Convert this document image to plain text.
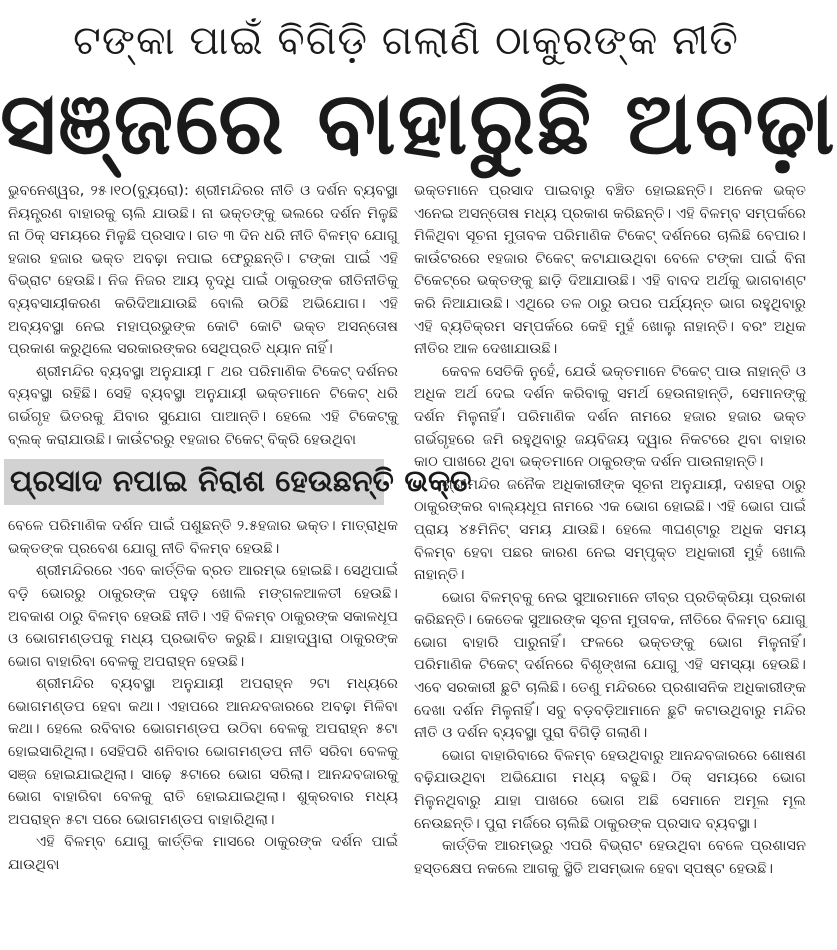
ଟଙ୍କା ପାଇଁ ବିଗିଡ଼ି ଗଲାଣି ଠାକୁରଙ୍କ ନୀତି
ସଞ୍ଜରେ ବାହାରୁଛି ଅବଢ଼ା

ଭୁବନେଶ୍ୱର, ୨୫।୧୦(ବ୍ୟୁରୋ): ଶ୍ରୀମନ୍ଦିରର ନୀତି ଓ ଦର୍ଶନ ବ୍ୟବସ୍ଥା ନିୟନ୍ତ୍ରଣ ବାହାରକୁ ଚାଲି ଯାଉଛି। ନା ଭକ୍ତଙ୍କୁ ଭଲରେ ଦର୍ଶନ ମିଳୁଛି ନା ଠିକ୍ ସମୟରେ ମିଳୁଛି ପ୍ରସାଦ। ଗତ ୩ ଦିନ ଧରି ନୀତି ବିଳମ୍ବ ଯୋଗୁ ହଜାର ହଜାର ଭକ୍ତ ଅବଢ଼ା ନପାଇ ଫେରୁଛନ୍ତି। ଟଙ୍କା ପାଇଁ ଏହି ବିଭ୍ରାଟ ହେଉଛି। ନିଜ ନିଜର ଆୟ ବୃଦ୍ଧି ପାଇଁ ଠାକୁରଙ୍କ ରୀତିନୀତିକୁ ବ୍ୟବସାୟୀକରଣ କରିଦିଆଯାଉଛି ବୋଲି ଉଠିଛି ଅଭିଯୋଗ। ଏହି ଅବ୍ୟବସ୍ଥା ନେଇ ମହାପ୍ରଭୁଙ୍କ କୋଟି କୋଟି ଭକ୍ତ ଅସନ୍ତୋଷ ପ୍ରକାଶ କରୁଥିଲେ ସରକାରଙ୍କର ସେଥିପ୍ରତି ଧ୍ୟାନ ନାହିଁ।

ଶ୍ରୀମନ୍ଦିର ବ୍ୟବସ୍ଥା ଅନୁଯାୟୀ ୮ ଥର ପରିମାଣିକ ଟିକେଟ୍ ଦର୍ଶନର ବ୍ୟବସ୍ଥା ରହିଛି। ସେହି ବ୍ୟବସ୍ଥା ଅନୁଯାୟୀ ଭକ୍ତମାନେ ଟିକେଟ୍ ଧରି ଗର୍ଭଗୃହ ଭିତରକୁ ଯିବାର ସୁଯୋଗ ପାଆନ୍ତି। ହେଲେ ଏହି ଟିକେଟ୍‌କୁ ବ୍ଲକ୍ କରାଯାଉଛି। କାଉଁଟରରୁ ୧ହଜାର ଟିକେଟ୍ ବିକ୍ରି ହେଉଥିବା

ପ୍ରସାଦ ନପାଇ ନିରାଶ ହେଉଛନ୍ତି ଭକ୍ତ

ବେଳେ ପରିମାଣିକ ଦର୍ଶନ ପାଇଁ ପଶୁଛନ୍ତି ୨.୫ହଜାର ଭକ୍ତ। ମାତ୍ରାଧିକ ଭକ୍ତଙ୍କ ପ୍ରବେଶ ଯୋଗୁ ନୀତି ବିଳମ୍ବ ହେଉଛି।

ଶ୍ରୀମନ୍ଦିରରେ ଏବେ କାର୍ତ୍ତିକ ବ୍ରତ ଆରମ୍ଭ ହୋଇଛି। ସେଥିପାଇଁ ବଡ଼ି ଭୋରରୁ ଠାକୁରଙ୍କ ପହୁଡ଼ ଖୋଲି ମଙ୍ଗଳଆଳତୀ ହେଉଛି। ଅବକାଶ ଠାରୁ ବିଳମ୍ବ ହେଉଛି ନୀତି। ଏହି ବିଳମ୍ବ ଠାକୁରଙ୍କ ସକାଳଧୂପ ଓ ଭୋଗମଣ୍ଡପକୁ ମଧ୍ୟ ପ୍ରଭାବିତ କରୁଛି। ଯାହାଦ୍ୱାରା ଠାକୁରଙ୍କ ଭୋଗ ବାହାରିବା ବେଳକୁ ଅପରାହ୍ନ ହେଉଛି।

ଶ୍ରୀମନ୍ଦିର ବ୍ୟବସ୍ଥା ଅନୁଯାୟୀ ଅପରାହ୍ନ ୨ଟା ମଧ୍ୟରେ ଭୋଗମଣ୍ଡପ ହେବା କଥା। ଏହାପରେ ଆନନ୍ଦବଜାରରେ ଅବଢ଼ା ମିଳିବା କଥା। ହେଲେ ରବିବାର ଭୋଗମଣ୍ଡପ ଉଠିବା ବେଳକୁ ଅପରାହ୍ନ ୫ଟା ହୋଇସାରିଥିଲା। ସେହିପରି ଶନିବାର ଭୋଗମଣ୍ଡପ ନୀତି ସରିବା ବେଳକୁ ସଞ୍ଜ ହୋଇଯାଇଥିଲା। ସାଢ଼େ ୫ଟାରେ ଭୋଗ ସରିଲା। ଆନନ୍ଦବଜାରକୁ ଭୋଗ ବାହାରିବା ବେଳକୁ ରାତି ହୋଇଯାଇଥିଲା। ଶୁକ୍ରବାର ମଧ୍ୟ ଅପରାହ୍ନ ୫ଟା ପରେ ଭୋଗମଣ୍ଡପ ବାହାରିଥିଲା।

ଏହି ବିଳମ୍ବ ଯୋଗୁ କାର୍ତ୍ତିକ ମାସରେ ଠାକୁରଙ୍କ ଦର୍ଶନ ପାଇଁ ଯାଉଥିବା

ଭକ୍ତମାନେ ପ୍ରସାଦ ପାଇବାରୁ ବଞ୍ଚିତ ହୋଇଛନ୍ତି। ଅନେକ ଭକ୍ତ ଏନେଇ ଅସନ୍ତୋଷ ମଧ୍ୟ ପ୍ରକାଶ କରିଛନ୍ତି। ଏହି ବିଳମ୍ବ ସମ୍ପର୍କରେ ମିଳିଥିବା ସୂଚନା ମୁତାବକ ପରିମାଣିକ ଟିକେଟ୍ ଦର୍ଶନରେ ଚାଲିଛି ବେପାର। କାଉଁଟରରେ ୧ହଜାର ଟିକେଟ୍ କଟାଯାଉଥିବା ବେଳେ ଟଙ୍କା ପାଇଁ ବିନା ଟିକେଟ୍‌ରେ ଭକ୍ତଙ୍କୁ ଛାଡ଼ି ଦିଆଯାଉଛି। ଏହି ବାବଦ ଅର୍ଥକୁ ଭାଗବାଣ୍ଟ କରି ନିଆଯାଉଛି। ଏଥିରେ ତଳ ଠାରୁ ଉପର ପର୍ଯ୍ୟନ୍ତ ଭାଗ ରହୁଥିବାରୁ ଏହି ବ୍ୟତିକ୍ରମ ସମ୍ପର୍କରେ କେହି ମୁହଁ ଖୋଲୁ ନାହାନ୍ତି। ବରଂ ଅଧିକ ନୀତିର ଆଳ ଦେଖାଯାଉଛି।

କେବଳ ସେତିକି ନୁହେଁ, ଯେଉଁ ଭକ୍ତମାନେ ଟିକେଟ୍ ପାଉ ନାହାନ୍ତି ଓ ଅଧିକ ଅର୍ଥ ଦେଇ ଦର୍ଶନ କରିବାକୁ ସମର୍ଥ ହେଉନାହାନ୍ତି, ସେମାନଙ୍କୁ ଦର୍ଶନ ମିଳୁନାହିଁ। ପରିମାଣିକ ଦର୍ଶନ ନାମରେ ହଜାର ହଜାର ଭକ୍ତ ଗର୍ଭଗୃହରେ ଜମି ରହୁଥିବାରୁ ଜୟବିଜୟ ଦ୍ୱାର ନିକଟରେ ଥିବା ବାହାର କାଠ ପାଖରେ ଥିବା ଭକ୍ତମାନେ ଠାକୁରଙ୍କ ଦର୍ଶନ ପାଉନାହାନ୍ତି।

ଶ୍ରୀମନ୍ଦିର ଜନୈକ ଅଧିକାରୀଙ୍କ ସୂଚନା ଅନୁଯାୟୀ, ଦଶହରା ଠାରୁ ଠାକୁରଙ୍କର ବାଲ୍ୟଧୂପ ନାମରେ ଏକ ଭୋଗ ହୋଇଛି। ଏହି ଭୋଗ ପାଇଁ ପ୍ରାୟ ୪୫ମିନିଟ୍ ସମୟ ଯାଉଛି। ହେଲେ ୩ଘଣ୍ଟାରୁ ଅଧିକ ସମୟ ବିଳମ୍ବ ହେବା ପଛର କାରଣ ନେଇ ସମ୍ପୃକ୍ତ ଅଧିକାରୀ ମୁହଁ ଖୋଲି ନାହାନ୍ତି।

ଭୋଗ ବିଳମ୍ବକୁ ନେଇ ସୁଆରମାନେ ତୀବ୍ର ପ୍ରତିକ୍ରିୟା ପ୍ରକାଶ କରିଛନ୍ତି। କେତେକ ସୁଆରଙ୍କ ସୂଚନା ମୁତାବକ, ନୀତିରେ ବିଳମ୍ବ ଯୋଗୁ ଭୋଗ ବାହାରି ପାରୁନାହିଁ। ଫଳରେ ଭକ୍ତଙ୍କୁ ଭୋଗ ମିଳୁନାହିଁ। ପରିମାଣିକ ଟିକେଟ୍ ଦର୍ଶନରେ ବିଶୃଙ୍ଖଳା ଯୋଗୁ ଏହି ସମସ୍ୟା ହେଉଛି। ଏବେ ସରକାରୀ ଛୁଟି ଚାଲିଛି। ତେଣୁ ମନ୍ଦିରରେ ପ୍ରଶାସନିକ ଅଧିକାରୀଙ୍କ ଦେଖା ଦର୍ଶନ ମିଳୁନାହିଁ। ସବୁ ବଡ଼ବଡ଼ିଆମାନେ ଛୁଟି କଟାଉଥିବାରୁ ମନ୍ଦିର ନୀତି ଓ ଦର୍ଶନ ବ୍ୟବସ୍ଥା ପୁରା ବିଗିଡ଼ି ଗଲାଣି।

ଭୋଗ ବାହାରିବାରେ ବିଳମ୍ବ ହେଉଥିବାରୁ ଆନନ୍ଦବଜାରରେ ଶୋଷଣ ବଢ଼ିଯାଉଥିବା ଅଭିଯୋଗ ମଧ୍ୟ ବଢୁଛି। ଠିକ୍ ସମୟରେ ଭୋଗ ମିଳୁନଥିବାରୁ ଯାହା ପାଖରେ ଭୋଗ ଅଛି ସେମାନେ ଅମୂଲ ମୂଲ ନେଉଛନ୍ତି। ପୁରା ମର୍ଜିରେ ଚାଲିଛି ଠାକୁରଙ୍କ ପ୍ରସାଦ ବ୍ୟବସ୍ଥା।

କାର୍ତ୍ତିକ ଆରମ୍ଭରୁ ଏପରି ବିଭ୍ରାଟ ହେଉଥିବା ବେଳେ ପ୍ରଶାସନ ହସ୍ତକ୍ଷେପ ନକଲେ ଆଗକୁ ସ୍ଥିତି ଅସମ୍ଭାଳ ହେବା ସ୍ପଷ୍ଟ ହେଉଛି।
